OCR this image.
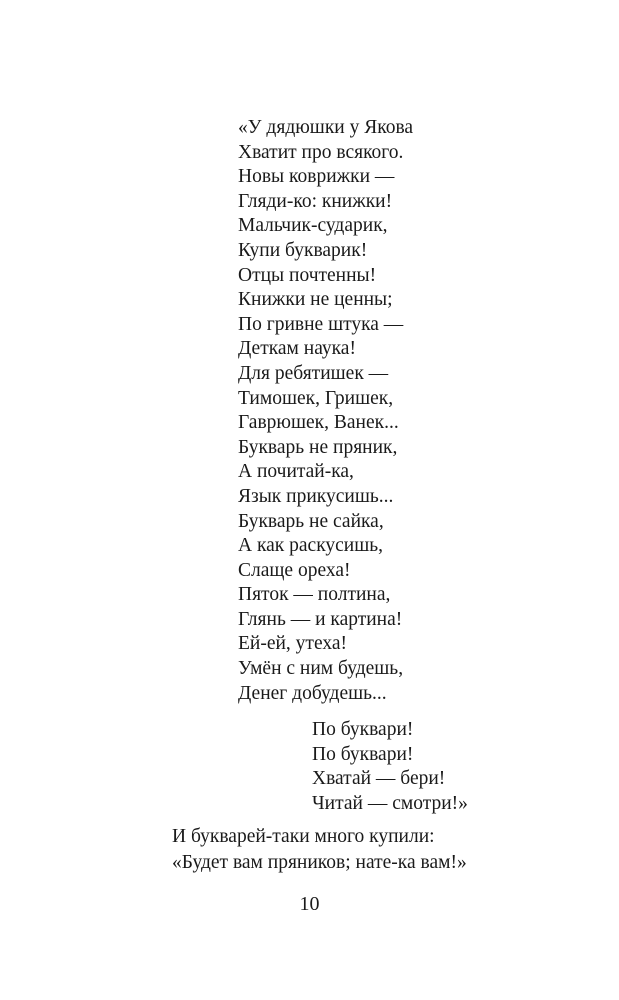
«У дядюшки у Якова
Хватит про всякого.
Новы коврижки —
Гляди-ко: книжки!
Мальчик-сударик,
Купи букварик!
Отцы почтенны!
Книжки не ценны;
По гривне штука —
Деткам наука!
Для ребятишек —
Тимошек, Гришек,
Гаврюшек, Ванек...
Букварь не пряник,
А почитай-ка,
Язык прикусишь...
Букварь не сайка,
А как раскусишь,
Слаще ореха!
Пяток — полтина,
Глянь — и картина!
Ей-ей, утеха!
Умён с ним будешь,
Денег добудешь...
По буквари!
По буквари!
Хватай — бери!
Читай — смотри!»
И букварей-таки много купили:
«Будет вам пряников; нате-ка вам!»
10
